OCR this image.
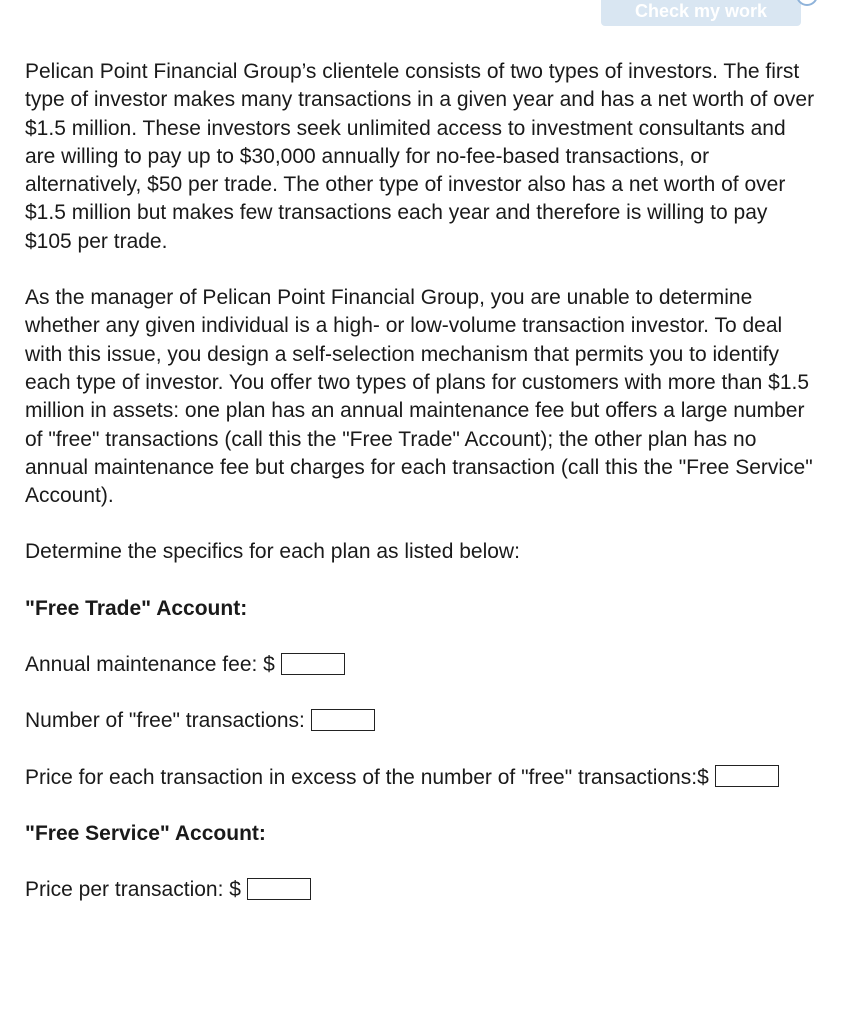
Check my work

Pelican Point Financial Group’s clientele consists of two types of investors. The first type of investor makes many transactions in a given year and has a net worth of over $1.5 million. These investors seek unlimited access to investment consultants and are willing to pay up to $30,000 annually for no-fee-based transactions, or alternatively, $50 per trade. The other type of investor also has a net worth of over $1.5 million but makes few transactions each year and therefore is willing to pay $105 per trade.

As the manager of Pelican Point Financial Group, you are unable to determine whether any given individual is a high- or low-volume transaction investor. To deal with this issue, you design a self-selection mechanism that permits you to identify each type of investor. You offer two types of plans for customers with more than $1.5 million in assets: one plan has an annual maintenance fee but offers a large number of "free" transactions (call this the "Free Trade" Account); the other plan has no annual maintenance fee but charges for each transaction (call this the "Free Service" Account).

Determine the specifics for each plan as listed below:

"Free Trade" Account:

Annual maintenance fee: $

Number of "free" transactions:

Price for each transaction in excess of the number of "free" transactions:$

"Free Service" Account:

Price per transaction: $
